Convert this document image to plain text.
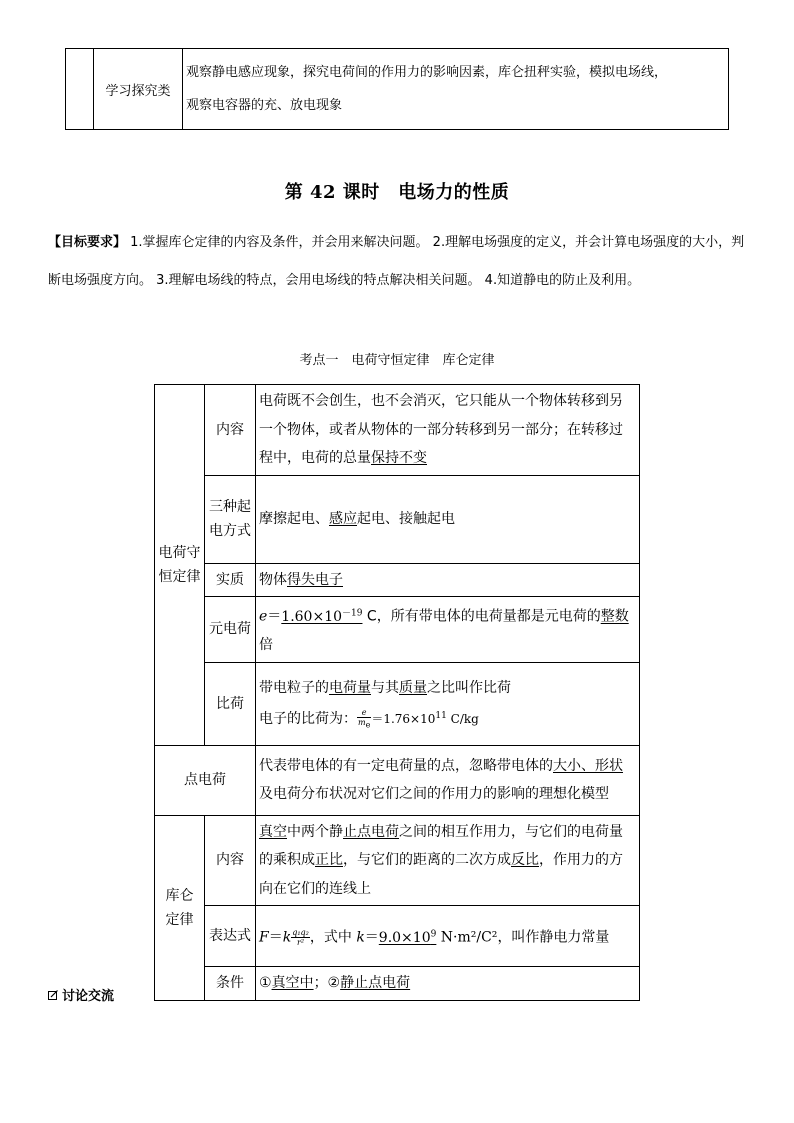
	学习探究类	
观察静电感应现象，探究电荷间的作用力的影响因素，库仑扭秤实验，模拟电场线，
观察电容器的充、放电现象
第 42 课时　电场力的性质
【目标要求】 1.掌握库仑定律的内容及条件，并会用来解决问题。 2.理解电场强度的定义，并会计算电场强度的大小，判断电场强度方向。 3.理解电场线的特点，会用电场线的特点解决相关问题。 4.知道静电的防止及利用。
考点一　电荷守恒定律　库仑定律
电荷守恒定律	内容	电荷既不会创生，也不会消灭，它只能从一个物体转移到另一个物体，或者从物体的一部分转移到另一部分；在转移过程中，电荷的总量保持不变
	三种起电方式	摩擦起电、感应起电、接触起电
	实质	物体得失电子
	元电荷	$e=1.60\times 10^{-19}$ C，所有带电体的电荷量都是元电荷的整数倍
	比荷	带电粒子的电荷量与其质量之比叫作比荷
电子的比荷为： $\frac{e}{me} =1.76\times 10^{11}$ C/kg

点电荷		代表带电体的有一定电荷量的点，忽略带电体的大小、形状及电荷分布状况对它们之间的作用力的影响的理想化模型

库仑定律	内容	真空中两个静止点电荷之间的相互作用力，与它们的电荷量的乘积成正比，与它们的距离的二次方成反比，作用力的方向在它们的连线上
	表达式	$F=k \frac{\text{q₁q₂}}{\text{r²}}$ ，式中 $k=9.0\times 10^9$ N·m²/C²，叫作静电力常量
	条件	①真空中；②静止点电荷
讨论交流
